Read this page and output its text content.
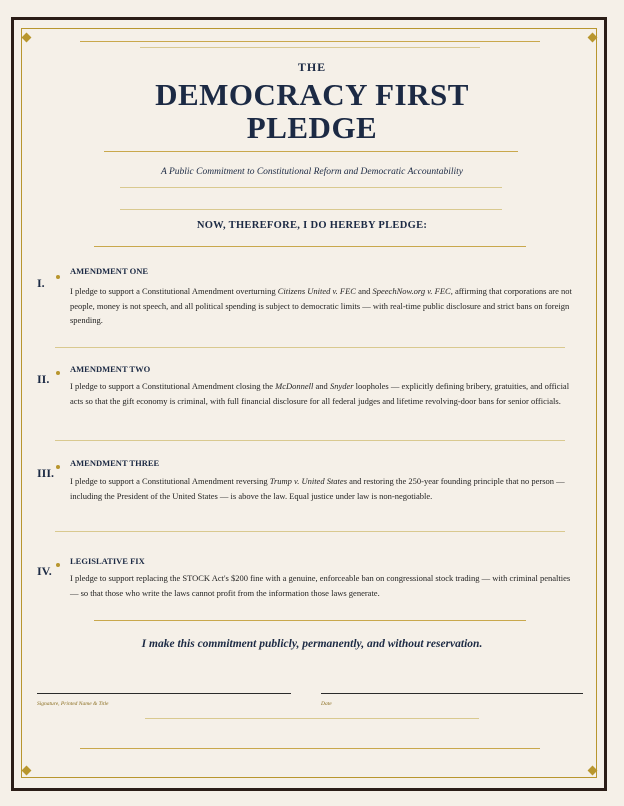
THE
DEMOCRACY FIRST
PLEDGE
A Public Commitment to Constitutional Reform and Democratic Accountability
NOW, THEREFORE, I DO HEREBY PLEDGE:
I.
AMENDMENT ONE
I pledge to support a Constitutional Amendment overturning Citizens United v. FEC and SpeechNow.org v. FEC, affirming that corporations are not people, money is not speech, and all political spending is subject to democratic limits — with real-time public disclosure and strict bans on foreign spending.
II.
AMENDMENT TWO
I pledge to support a Constitutional Amendment closing the McDonnell and Snyder loopholes — explicitly defining bribery, gratuities, and official acts so that the gift economy is criminal, with full financial disclosure for all federal judges and lifetime revolving-door bans for senior officials.
III.
AMENDMENT THREE
I pledge to support a Constitutional Amendment reversing Trump v. United States and restoring the 250-year founding principle that no person — including the President of the United States — is above the law. Equal justice under law is non-negotiable.
IV.
LEGISLATIVE FIX
I pledge to support replacing the STOCK Act's $200 fine with a genuine, enforceable ban on congressional stock trading — with criminal penalties — so that those who write the laws cannot profit from the information those laws generate.
I make this commitment publicly, permanently, and without reservation.
Signature, Printed Name & Title	Date
